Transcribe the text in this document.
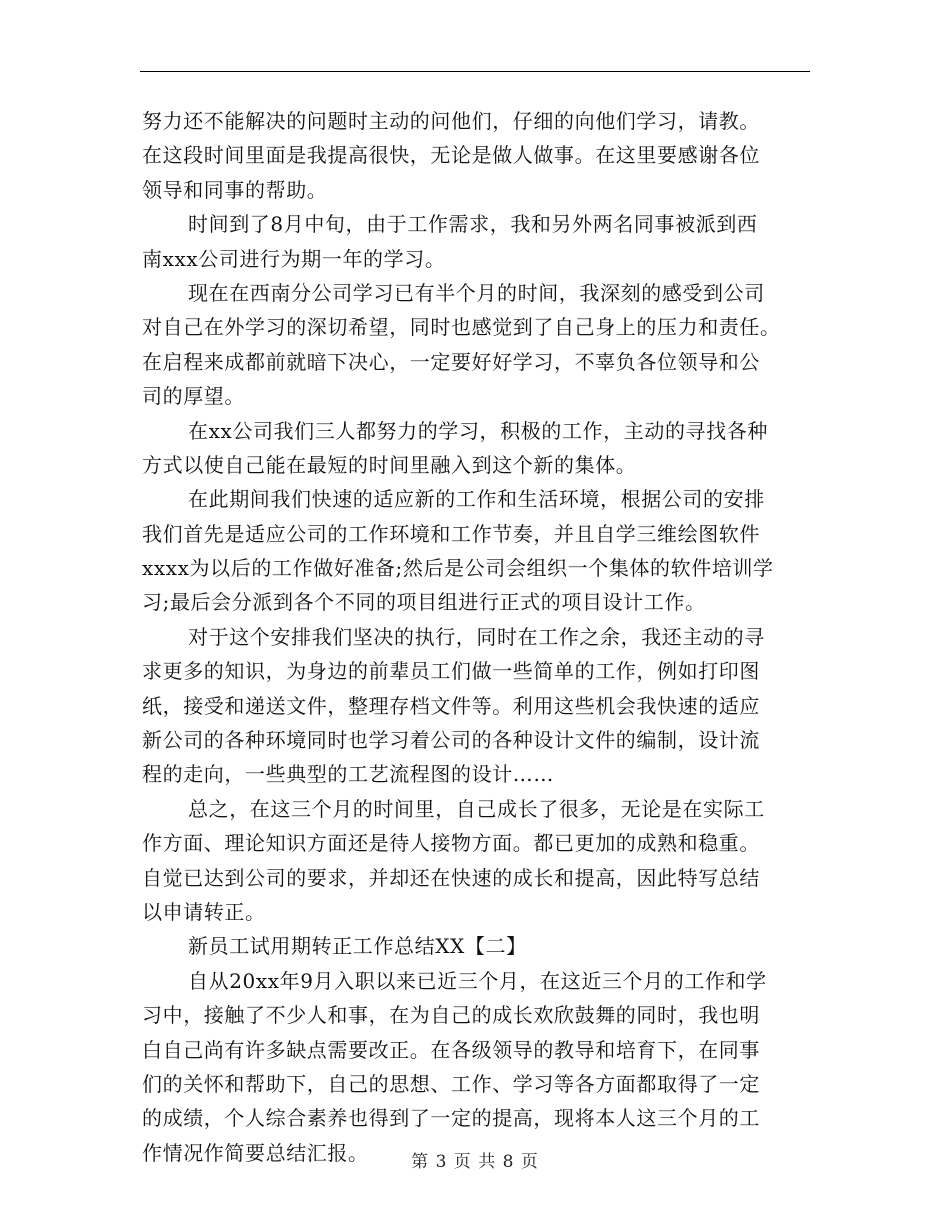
努力还不能解决的问题时主动的问他们，仔细的向他们学习，请教。
在这段时间里面是我提高很快，无论是做人做事。在这里要感谢各位
领导和同事的帮助。
时间到了8月中旬，由于工作需求，我和另外两名同事被派到西
南xxx公司进行为期一年的学习。
现在在西南分公司学习已有半个月的时间，我深刻的感受到公司
对自己在外学习的深切希望，同时也感觉到了自己身上的压力和责任。
在启程来成都前就暗下决心，一定要好好学习，不辜负各位领导和公
司的厚望。
在xx公司我们三人都努力的学习，积极的工作，主动的寻找各种
方式以使自己能在最短的时间里融入到这个新的集体。
在此期间我们快速的适应新的工作和生活环境，根据公司的安排
我们首先是适应公司的工作环境和工作节奏，并且自学三维绘图软件
xxxx为以后的工作做好准备;然后是公司会组织一个集体的软件培训学
习;最后会分派到各个不同的项目组进行正式的项目设计工作。
对于这个安排我们坚决的执行，同时在工作之余，我还主动的寻
求更多的知识，为身边的前辈员工们做一些简单的工作，例如打印图
纸，接受和递送文件，整理存档文件等。利用这些机会我快速的适应
新公司的各种环境同时也学习着公司的各种设计文件的编制，设计流
程的走向，一些典型的工艺流程图的设计……
总之，在这三个月的时间里，自己成长了很多，无论是在实际工
作方面、理论知识方面还是待人接物方面。都已更加的成熟和稳重。
自觉已达到公司的要求，并却还在快速的成长和提高，因此特写总结
以申请转正。
新员工试用期转正工作总结XX【二】
自从20xx年9月入职以来已近三个月，在这近三个月的工作和学
习中，接触了不少人和事，在为自己的成长欢欣鼓舞的同时，我也明
白自己尚有许多缺点需要改正。在各级领导的教导和培育下，在同事
们的关怀和帮助下，自己的思想、工作、学习等各方面都取得了一定
的成绩，个人综合素养也得到了一定的提高，现将本人这三个月的工
作情况作简要总结汇报。	第 3 页 共 8 页
